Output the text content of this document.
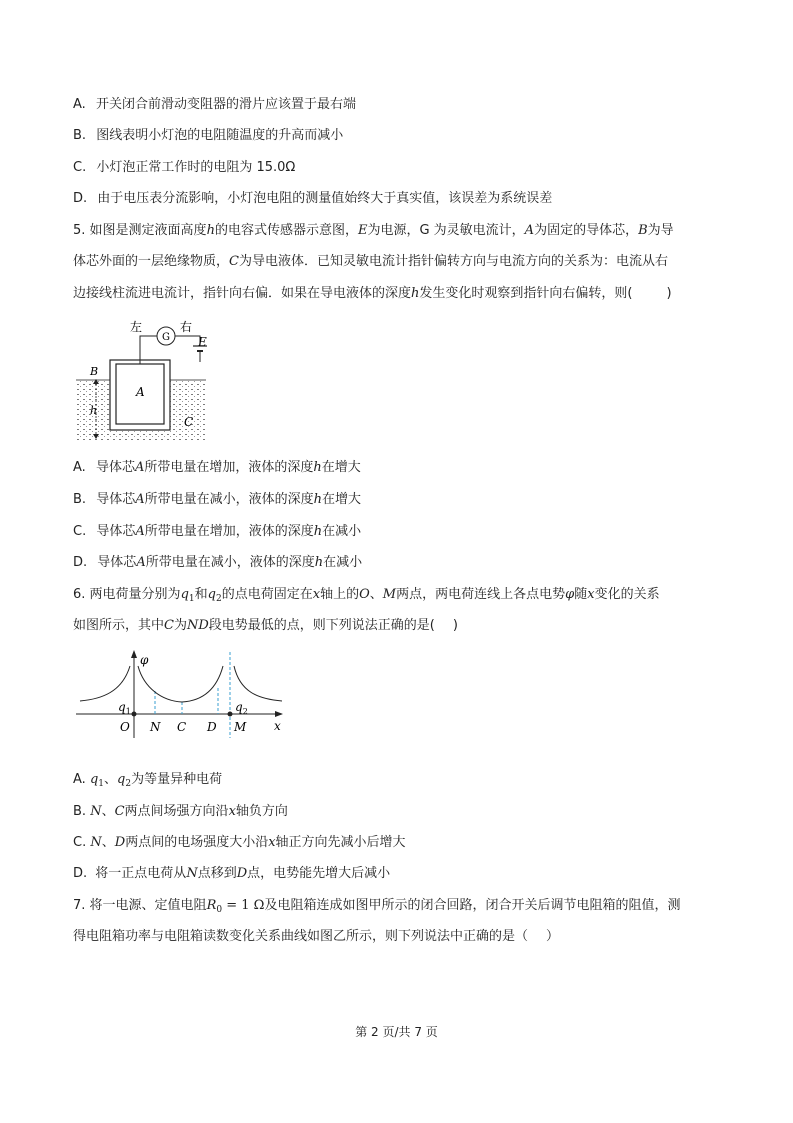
A. 开关闭合前滑动变阻器的滑片应该置于最右端
B. 图线表明小灯泡的电阻随温度的升高而减小
C. 小灯泡正常工作时的电阻为 15.0Ω
D. 由于电压表分流影响，小灯泡电阻的测量值始终大于真实值，该误差为系统误差
5. 如图是测定液面高度h的电容式传感器示意图，E为电源，G 为灵敏电流计，A为固定的导体芯，B为导
体芯外面的一层绝缘物质，C为导电液体．已知灵敏电流计指针偏转方向与电流方向的关系为：电流从右
边接线柱流进电流计，指针向右偏．如果在导电液体的深度h发生变化时观察到指针向右偏转，则(	)
左	右
G E
B
A
h
C
A. 导体芯A所带电量在增加，液体的深度h在增大
B. 导体芯A所带电量在减小，液体的深度h在增大
C. 导体芯A所带电量在增加，液体的深度h在减小
D. 导体芯A所带电量在减小，液体的深度h在减小
6. 两电荷量分别为$q_1$和$q_2$的点电荷固定在x轴上的O、M两点，两电荷连线上各点电势φ随x变化的关系
如图所示，其中C为ND段电势最低的点，则下列说法正确的是( )
φ
$q_1$	$q_2$
O N C D M x
A. $q_1$、$q_2$为等量异种电荷
B. N、C两点间场强方向沿x轴负方向
C. N、D两点间的电场强度大小沿x轴正方向先减小后增大
D. 将一正点电荷从N点移到D点，电势能先增大后减小
7. 将一电源、定值电阻$R_0 = 1$ Ω及电阻箱连成如图甲所示的闭合回路，闭合开关后调节电阻箱的阻值，测
得电阻箱功率与电阻箱读数变化关系曲线如图乙所示，则下列说法中正确的是（ ）
第 2 页/共 7 页
